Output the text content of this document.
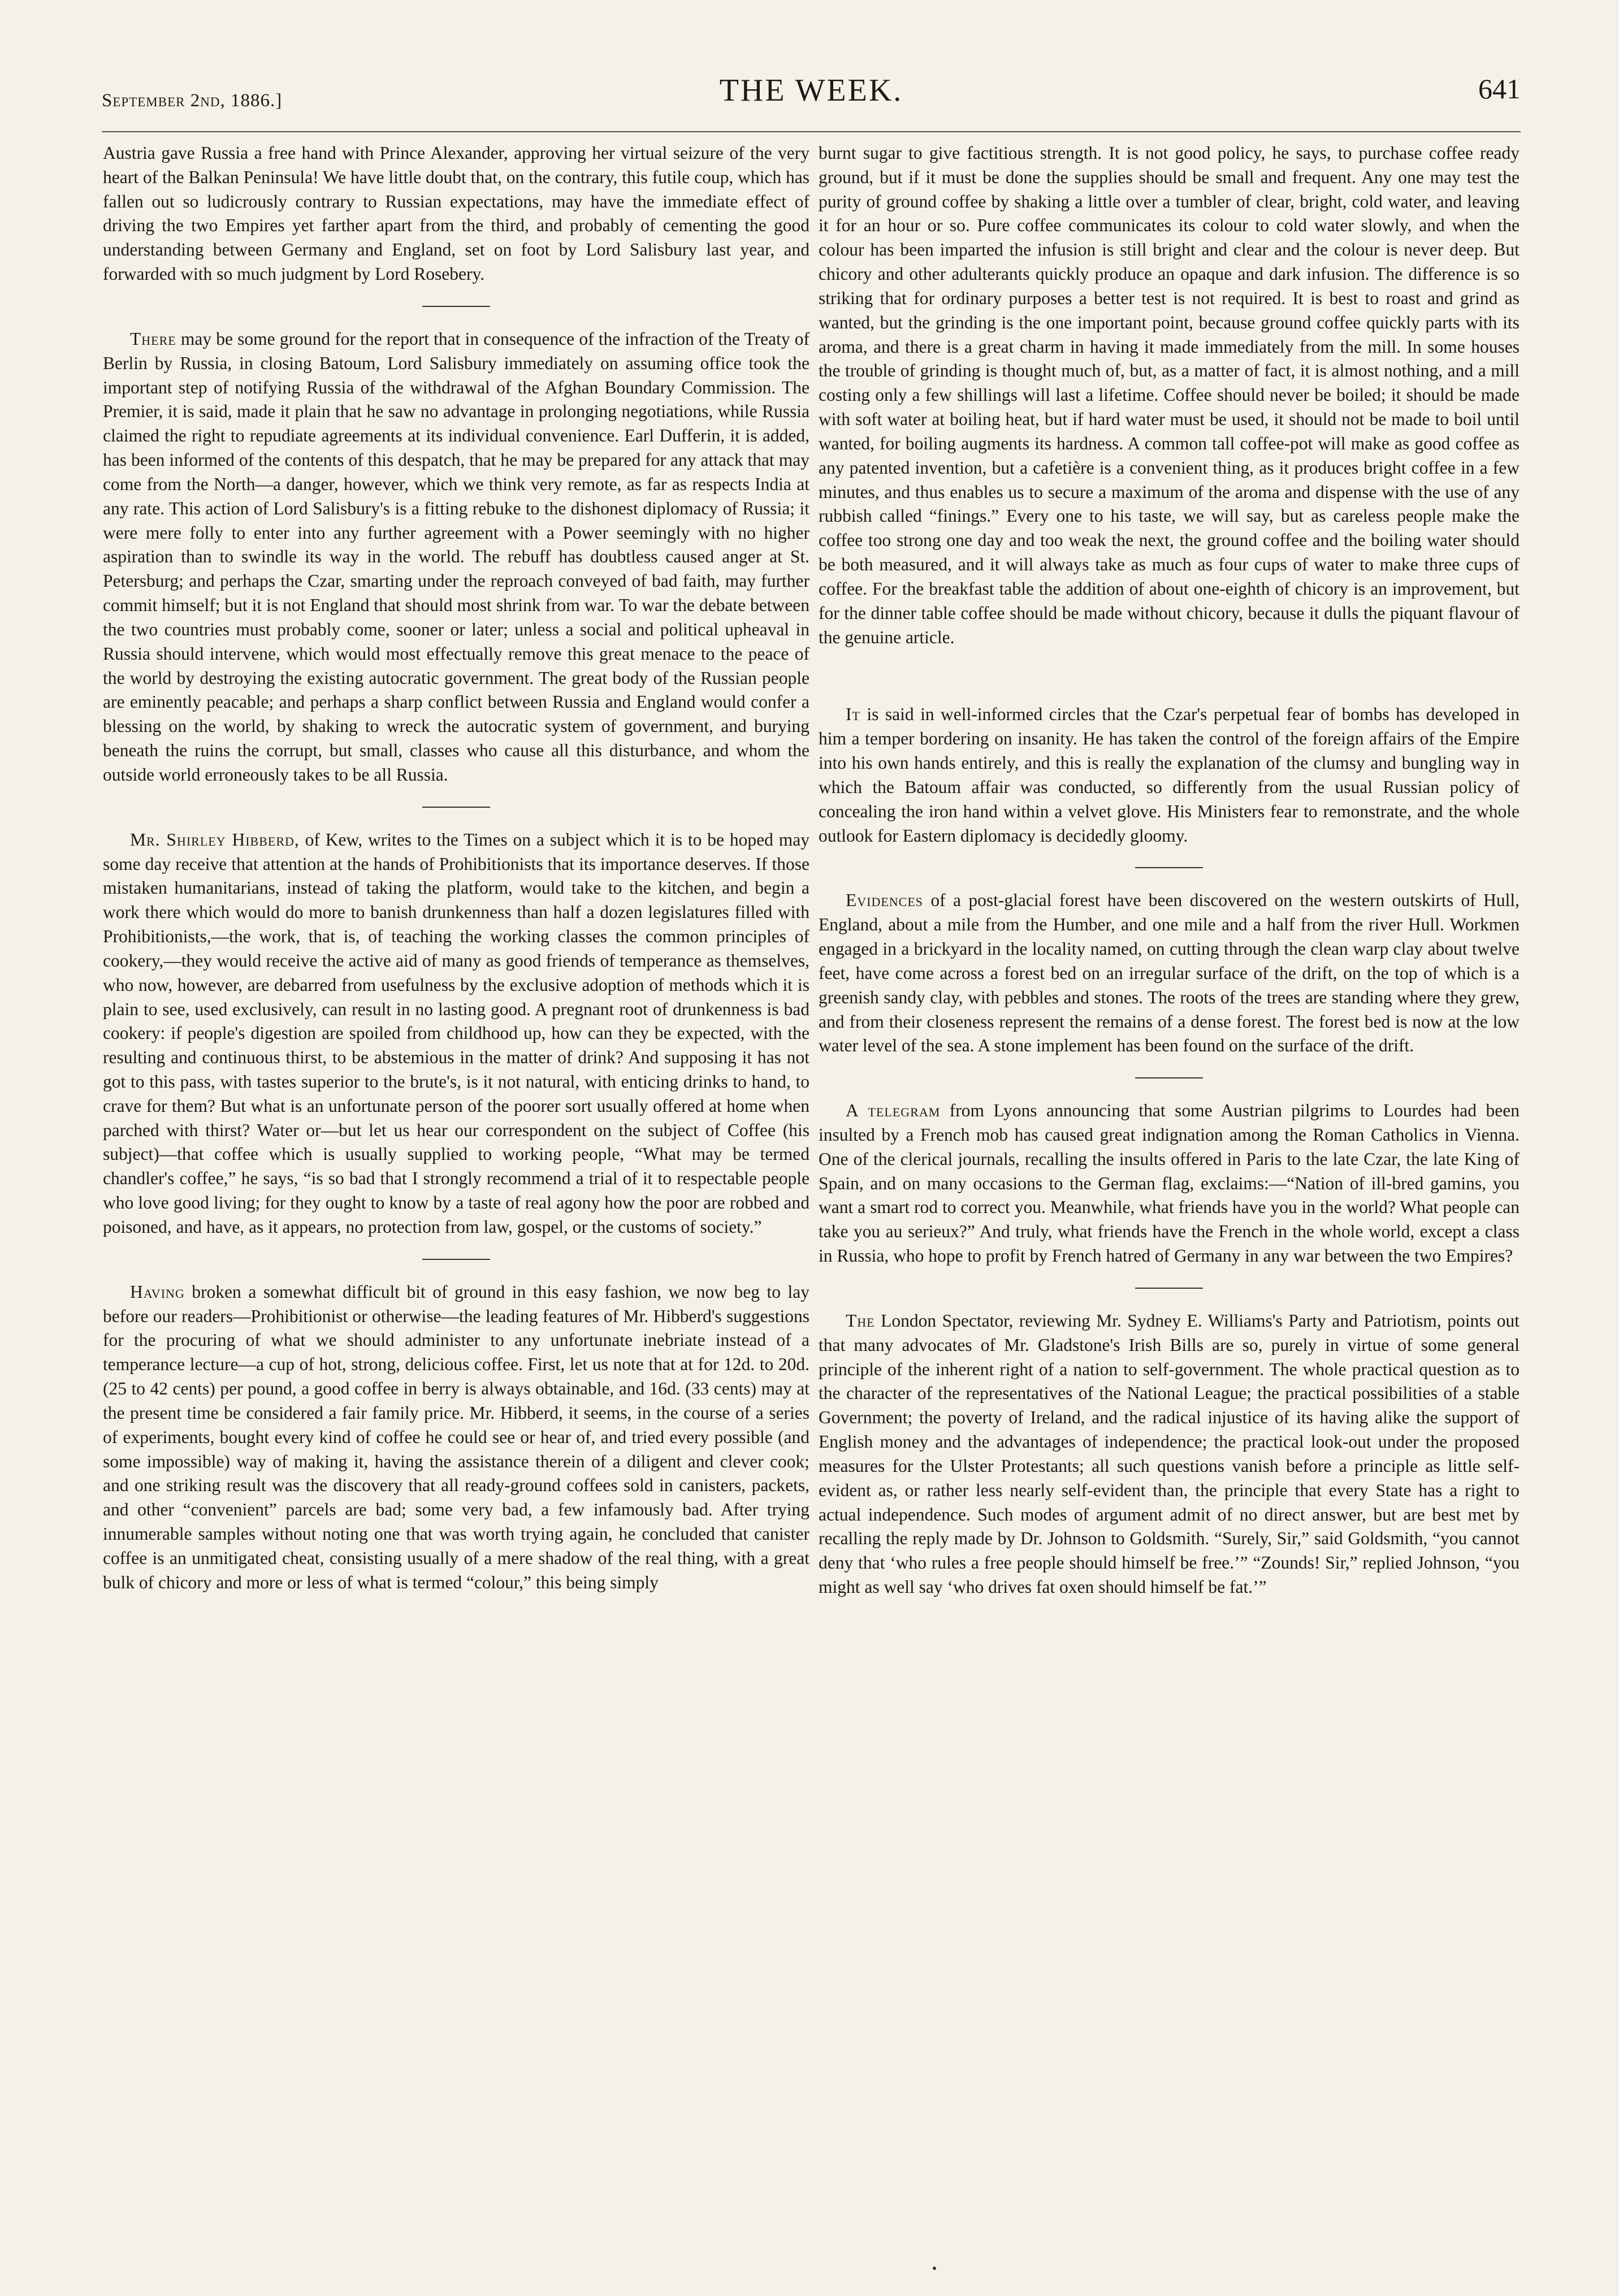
September 2nd, 1886.]	THE WEEK.	641

Austria gave Russia a free hand with Prince Alexander, approving her virtual seizure of the very heart of the Balkan Peninsula! We have little doubt that, on the contrary, this futile coup, which has fallen out so ludicrously contrary to Russian expectations, may have the immediate effect of driving the two Empires yet farther apart from the third, and probably of cementing the good understanding between Germany and England, set on foot by Lord Salisbury last year, and forwarded with so much judgment by Lord Rosebery.

There may be some ground for the report that in consequence of the infraction of the Treaty of Berlin by Russia, in closing Batoum, Lord Salisbury immediately on assuming office took the important step of notifying Russia of the withdrawal of the Afghan Boundary Commission. The Premier, it is said, made it plain that he saw no advantage in prolonging negotiations, while Russia claimed the right to repudiate agreements at its individual convenience. Earl Dufferin, it is added, has been informed of the contents of this despatch, that he may be prepared for any attack that may come from the North—a danger, however, which we think very remote, as far as respects India at any rate. This action of Lord Salisbury's is a fitting rebuke to the dishonest diplomacy of Russia; it were mere folly to enter into any further agreement with a Power seemingly with no higher aspiration than to swindle its way in the world. The rebuff has doubtless caused anger at St. Petersburg; and perhaps the Czar, smarting under the reproach conveyed of bad faith, may further commit himself; but it is not England that should most shrink from war. To war the debate between the two countries must probably come, sooner or later; unless a social and political upheaval in Russia should intervene, which would most effectually remove this great menace to the peace of the world by destroying the existing autocratic government. The great body of the Russian people are eminently peacable; and perhaps a sharp conflict between Russia and England would confer a blessing on the world, by shaking to wreck the autocratic system of government, and burying beneath the ruins the corrupt, but small, classes who cause all this disturbance, and whom the outside world erroneously takes to be all Russia.

Mr. Shirley Hibberd, of Kew, writes to the Times on a subject which it is to be hoped may some day receive that attention at the hands of Prohibitionists that its importance deserves. If those mistaken humanitarians, instead of taking the platform, would take to the kitchen, and begin a work there which would do more to banish drunkenness than half a dozen legislatures filled with Prohibitionists,—the work, that is, of teaching the working classes the common principles of cookery,—they would receive the active aid of many as good friends of temperance as themselves, who now, however, are debarred from usefulness by the exclusive adoption of methods which it is plain to see, used exclusively, can result in no lasting good. A pregnant root of drunkenness is bad cookery: if people's digestion are spoiled from childhood up, how can they be expected, with the resulting and continuous thirst, to be abstemious in the matter of drink? And supposing it has not got to this pass, with tastes superior to the brute's, is it not natural, with enticing drinks to hand, to crave for them? But what is an unfortunate person of the poorer sort usually offered at home when parched with thirst? Water or—but let us hear our correspondent on the subject of Coffee (his subject)—that coffee which is usually supplied to working people, “What may be termed chandler's coffee,” he says, “is so bad that I strongly recommend a trial of it to respectable people who love good living; for they ought to know by a taste of real agony how the poor are robbed and poisoned, and have, as it appears, no protection from law, gospel, or the customs of society.”

Having broken a somewhat difficult bit of ground in this easy fashion, we now beg to lay before our readers—Prohibitionist or otherwise—the leading features of Mr. Hibberd's suggestions for the procuring of what we should administer to any unfortunate inebriate instead of a temperance lecture—a cup of hot, strong, delicious coffee. First, let us note that at for 12d. to 20d. (25 to 42 cents) per pound, a good coffee in berry is always obtainable, and 16d. (33 cents) may at the present time be considered a fair family price. Mr. Hibberd, it seems, in the course of a series of experiments, bought every kind of coffee he could see or hear of, and tried every possible (and some impossible) way of making it, having the assistance therein of a diligent and clever cook; and one striking result was the discovery that all ready-ground coffees sold in canisters, packets, and other “convenient” parcels are bad; some very bad, a few infamously bad. After trying innumerable samples without noting one that was worth trying again, he concluded that canister coffee is an unmitigated cheat, consisting usually of a mere shadow of the real thing, with a great bulk of chicory and more or less of what is termed “colour,” this being simply

burnt sugar to give factitious strength. It is not good policy, he says, to purchase coffee ready ground, but if it must be done the supplies should be small and frequent. Any one may test the purity of ground coffee by shaking a little over a tumbler of clear, bright, cold water, and leaving it for an hour or so. Pure coffee communicates its colour to cold water slowly, and when the colour has been imparted the infusion is still bright and clear and the colour is never deep. But chicory and other adulterants quickly produce an opaque and dark infusion. The difference is so striking that for ordinary purposes a better test is not required. It is best to roast and grind as wanted, but the grinding is the one important point, because ground coffee quickly parts with its aroma, and there is a great charm in having it made immediately from the mill. In some houses the trouble of grinding is thought much of, but, as a matter of fact, it is almost nothing, and a mill costing only a few shillings will last a lifetime. Coffee should never be boiled; it should be made with soft water at boiling heat, but if hard water must be used, it should not be made to boil until wanted, for boiling augments its hardness. A common tall coffee-pot will make as good coffee as any patented invention, but a cafetière is a convenient thing, as it produces bright coffee in a few minutes, and thus enables us to secure a maximum of the aroma and dispense with the use of any rubbish called “finings.” Every one to his taste, we will say, but as careless people make the coffee too strong one day and too weak the next, the ground coffee and the boiling water should be both measured, and it will always take as much as four cups of water to make three cups of coffee. For the breakfast table the addition of about one-eighth of chicory is an improvement, but for the dinner table coffee should be made without chicory, because it dulls the piquant flavour of the genuine article.

It is said in well-informed circles that the Czar's perpetual fear of bombs has developed in him a temper bordering on insanity. He has taken the control of the foreign affairs of the Empire into his own hands entirely, and this is really the explanation of the clumsy and bungling way in which the Batoum affair was conducted, so differently from the usual Russian policy of concealing the iron hand within a velvet glove. His Ministers fear to remonstrate, and the whole outlook for Eastern diplomacy is decidedly gloomy.

Evidences of a post-glacial forest have been discovered on the western outskirts of Hull, England, about a mile from the Humber, and one mile and a half from the river Hull. Workmen engaged in a brickyard in the locality named, on cutting through the clean warp clay about twelve feet, have come across a forest bed on an irregular surface of the drift, on the top of which is a greenish sandy clay, with pebbles and stones. The roots of the trees are standing where they grew, and from their closeness represent the remains of a dense forest. The forest bed is now at the low water level of the sea. A stone implement has been found on the surface of the drift.

A telegram from Lyons announcing that some Austrian pilgrims to Lourdes had been insulted by a French mob has caused great indignation among the Roman Catholics in Vienna. One of the clerical journals, recalling the insults offered in Paris to the late Czar, the late King of Spain, and on many occasions to the German flag, exclaims:—“Nation of ill-bred gamins, you want a smart rod to correct you. Meanwhile, what friends have you in the world? What people can take you au serieux?” And truly, what friends have the French in the whole world, except a class in Russia, who hope to profit by French hatred of Germany in any war between the two Empires?

The London Spectator, reviewing Mr. Sydney E. Williams's Party and Patriotism, points out that many advocates of Mr. Gladstone's Irish Bills are so, purely in virtue of some general principle of the inherent right of a nation to self-government. The whole practical question as to the character of the representatives of the National League; the practical possibilities of a stable Government; the poverty of Ireland, and the radical injustice of its having alike the support of English money and the advantages of independence; the practical look-out under the proposed measures for the Ulster Protestants; all such questions vanish before a principle as little self-evident as, or rather less nearly self-evident than, the principle that every State has a right to actual independence. Such modes of argument admit of no direct answer, but are best met by recalling the reply made by Dr. Johnson to Goldsmith. “Surely, Sir,” said Goldsmith, “you cannot deny that ‘who rules a free people should himself be free.’” “Zounds! Sir,” replied Johnson, “you might as well say ‘who drives fat oxen should himself be fat.’”
